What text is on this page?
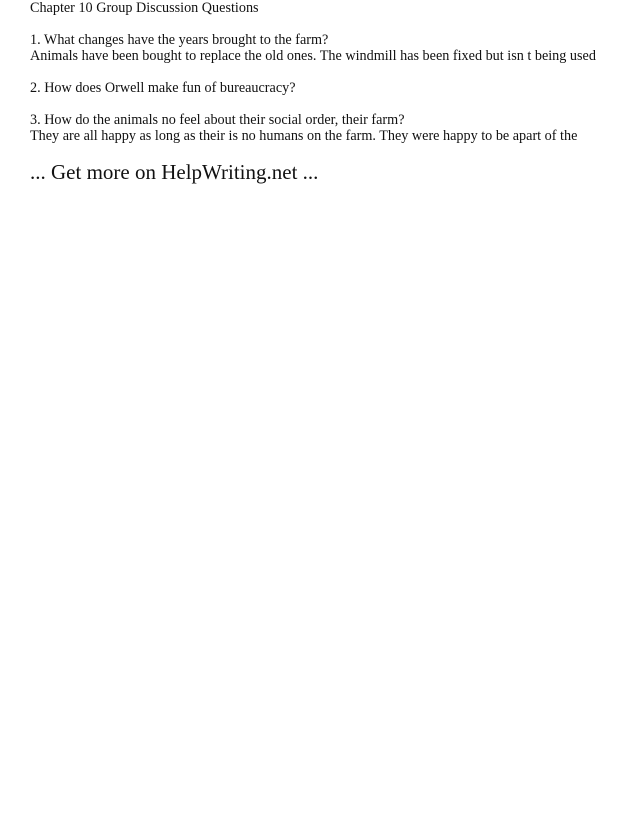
Chapter 10 Group Discussion Questions
1. What changes have the years brought to the farm?
Animals have been bought to replace the old ones. The windmill has been fixed but isn t being used
2. How does Orwell make fun of bureaucracy?
3. How do the animals no feel about their social order, their farm?
They are all happy as long as their is no humans on the farm. They were happy to be apart of the
... Get more on HelpWriting.net ...
